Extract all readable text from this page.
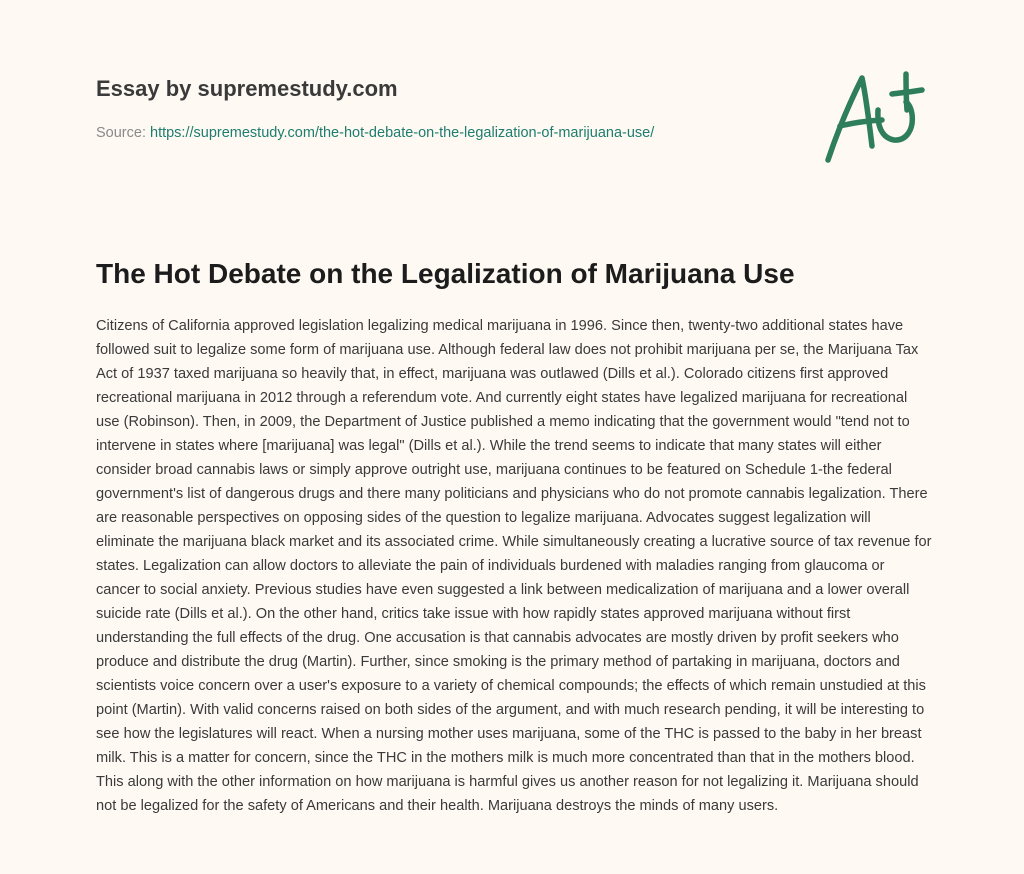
Essay by supremestudy.com
Source: https://supremestudy.com/the-hot-debate-on-the-legalization-of-marijuana-use/
The Hot Debate on the Legalization of Marijuana Use

Citizens of California approved legislation legalizing medical marijuana in 1996. Since then, twenty-two additional states have followed suit to legalize some form of marijuana use. Although federal law does not prohibit marijuana per se, the Marijuana Tax Act of 1937 taxed marijuana so heavily that, in effect, marijuana was outlawed (Dills et al.). Colorado citizens first approved recreational marijuana in 2012 through a referendum vote. And currently eight states have legalized marijuana for recreational use (Robinson). Then, in 2009, the Department of Justice published a memo indicating that the government would "tend not to intervene in states where [marijuana] was legal" (Dills et al.). While the trend seems to indicate that many states will either consider broad cannabis laws or simply approve outright use, marijuana continues to be featured on Schedule 1-the federal government's list of dangerous drugs and there many politicians and physicians who do not promote cannabis legalization. There are reasonable perspectives on opposing sides of the question to legalize marijuana. Advocates suggest legalization will eliminate the marijuana black market and its associated crime. While simultaneously creating a lucrative source of tax revenue for states. Legalization can allow doctors to alleviate the pain of individuals burdened with maladies ranging from glaucoma or cancer to social anxiety. Previous studies have even suggested a link between medicalization of marijuana and a lower overall suicide rate (Dills et al.). On the other hand, critics take issue with how rapidly states approved marijuana without first understanding the full effects of the drug. One accusation is that cannabis advocates are mostly driven by profit seekers who produce and distribute the drug (Martin). Further, since smoking is the primary method of partaking in marijuana, doctors and scientists voice concern over a user's exposure to a variety of chemical compounds; the effects of which remain unstudied at this point (Martin). With valid concerns raised on both sides of the argument, and with much research pending, it will be interesting to see how the legislatures will react. When a nursing mother uses marijuana, some of the THC is passed to the baby in her breast milk. This is a matter for concern, since the THC in the mothers milk is much more concentrated than that in the mothers blood. This along with the other information on how marijuana is harmful gives us another reason for not legalizing it. Marijuana should not be legalized for the safety of Americans and their health. Marijuana destroys the minds of many users.
